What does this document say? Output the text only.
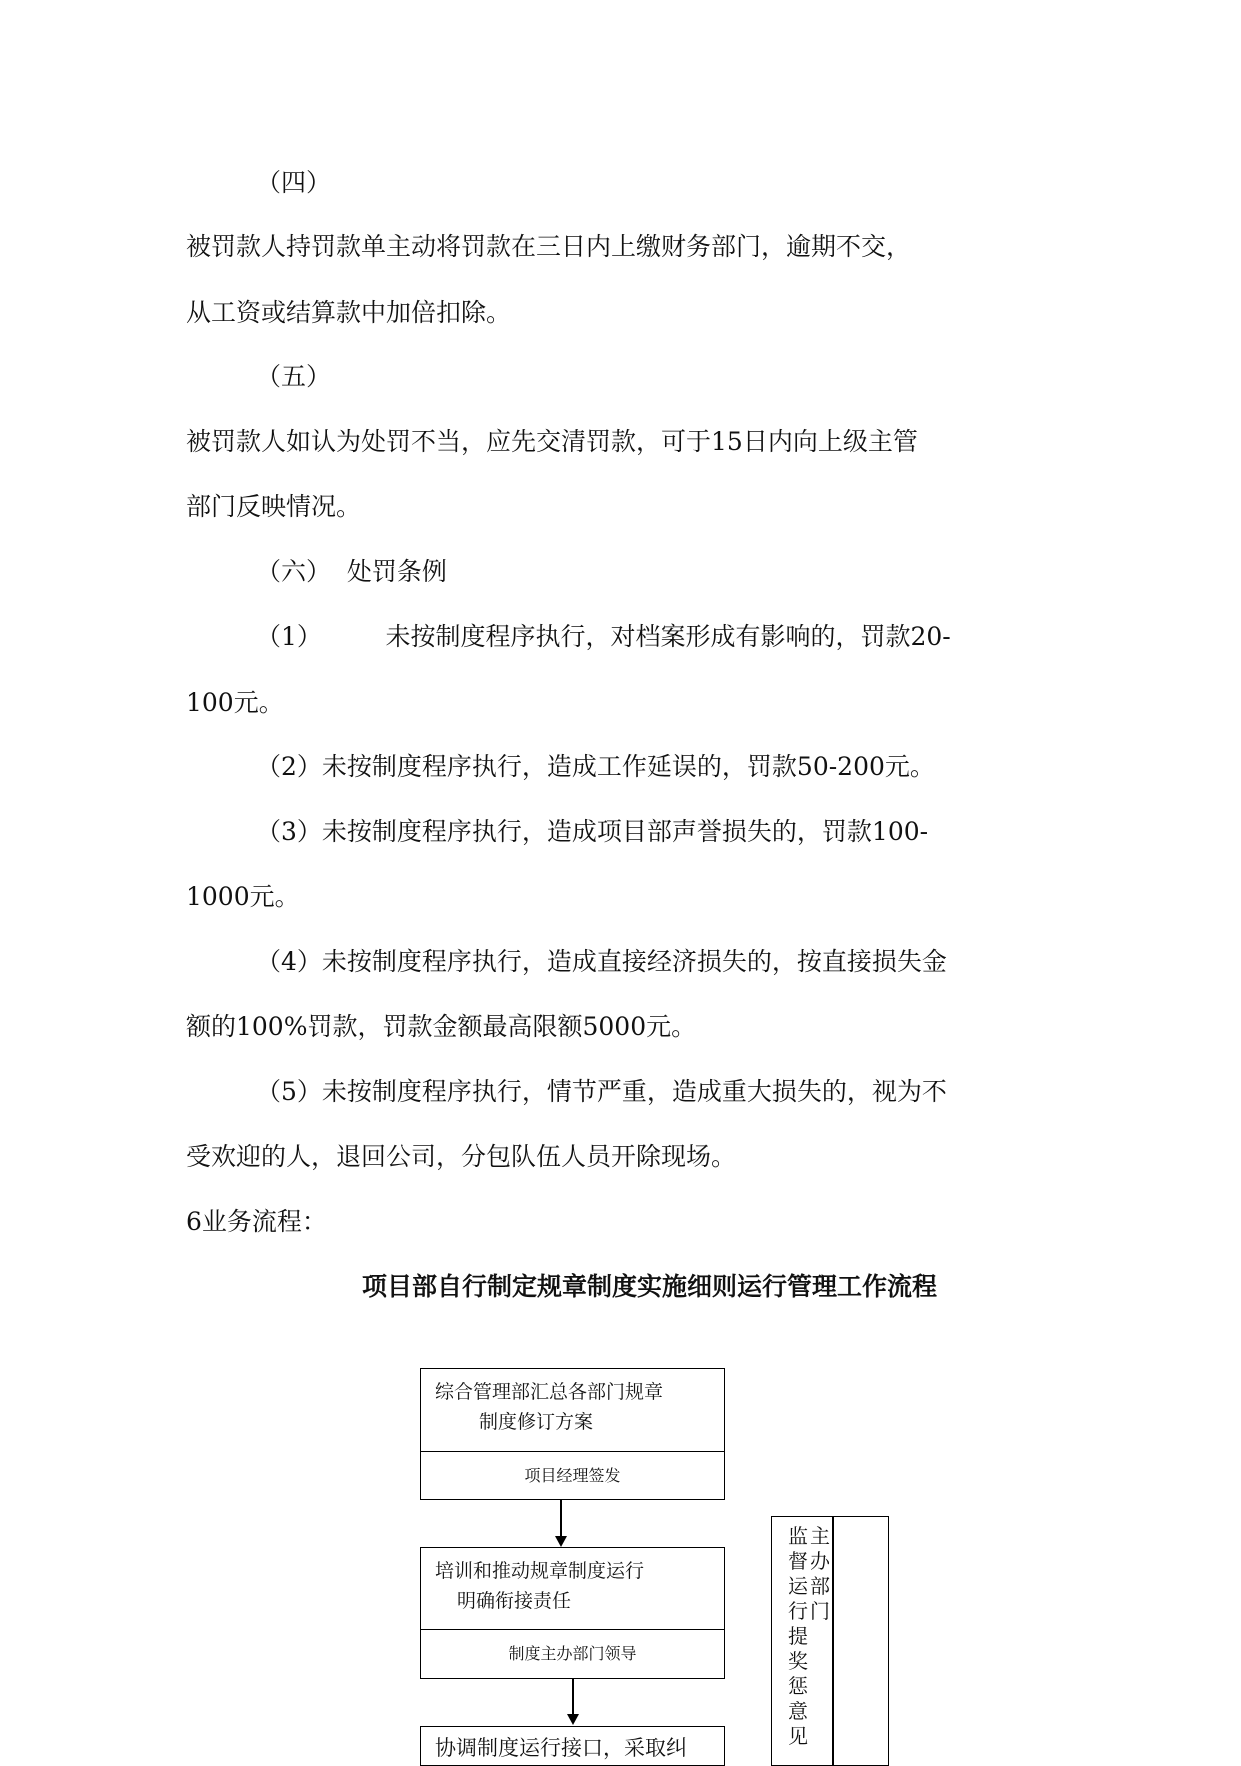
（四）
被罚款人持罚款单主动将罚款在三日内上缴财务部门，逾期不交，
从工资或结算款中加倍扣除。
（五）
被罚款人如认为处罚不当，应先交清罚款，可于15日内向上级主管
部门反映情况。
（六）  处罚条例
（1）        未按制度程序执行，对档案形成有影响的，罚款20-
100元。
（2）未按制度程序执行，造成工作延误的，罚款50-200元。
（3）未按制度程序执行，造成项目部声誉损失的，罚款100-
1000元。
（4）未按制度程序执行，造成直接经济损失的，按直接损失金
额的100%罚款，罚款金额最高限额5000元。
（5）未按制度程序执行，情节严重，造成重大损失的，视为不
受欢迎的人，退回公司，分包队伍人员开除现场。
6业务流程：
项目部自行制定规章制度实施细则运行管理工作流程
综合管理部汇总各部门规章
制度修订方案
项目经理签发
培训和推动规章制度运行
明确衔接责任
制度主办部门领导
协调制度运行接口，采取纠
监督运行提奖惩意见
主办部门
